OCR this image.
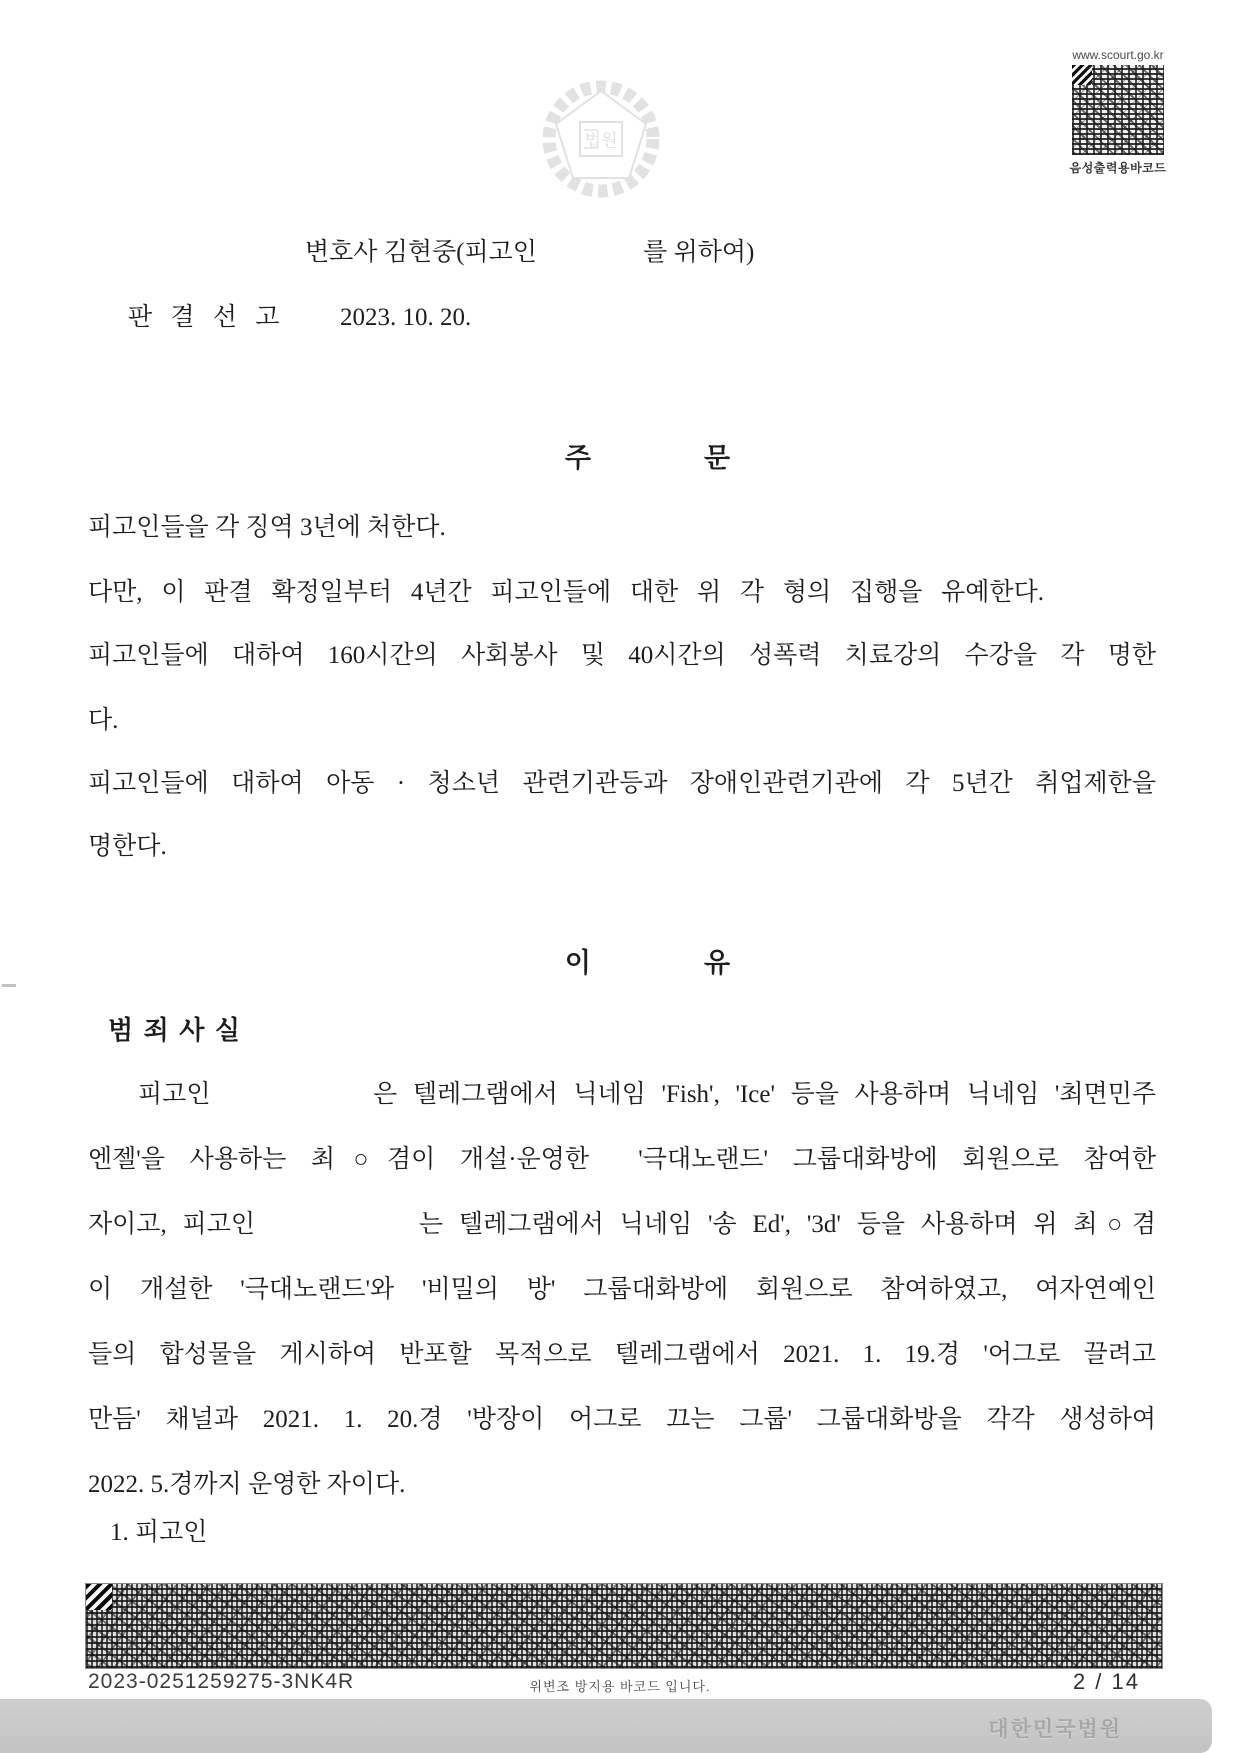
www.scourt.go.kr
음성출력용바코드
법원
변호사 김현중(피고인　　　　 를 위하여)
판 결 선 고 2023. 10. 20.
주　　　　문
피고인들을 각 징역 3년에 처한다.
다만, 이 판결 확정일부터 4년간 피고인들에 대한 위 각 형의 집행을 유예한다.
피고인들에 대하여 160시간의 사회봉사 및 40시간의 성폭력 치료강의 수강을 각 명한
다.
피고인들에 대하여 아동 · 청소년 관련기관등과 장애인관련기관에 각 5년간 취업제한을
명한다.
이　　　　유
범 죄 사 실
　 피고인　　　　 은 텔레그램에서 닉네임 'Fish', 'Ice' 등을 사용하며 닉네임 '최면민주
엔젤'을 사용하는 최○겸이 개설·운영한  '극대노랜드' 그룹대화방에 회원으로 참여한
자이고, 피고인　　　　 는 텔레그램에서 닉네임 '송 Ed', '3d' 등을 사용하며 위 최○겸
이 개설한 '극대노랜드'와 '비밀의 방' 그룹대화방에 회원으로 참여하였고, 여자연예인
들의 합성물을 게시하여 반포할 목적으로 텔레그램에서 2021. 1. 19.경 '어그로 끌려고
만듬' 채널과 2021. 1. 20.경 '방장이 어그로 끄는 그룹' 그룹대화방을 각각 생성하여
2022. 5.경까지 운영한 자이다.
1. 피고인
2023-0251259275-3NK4R	위변조 방지용 바코드 입니다.	2 / 14
대한민국법원
